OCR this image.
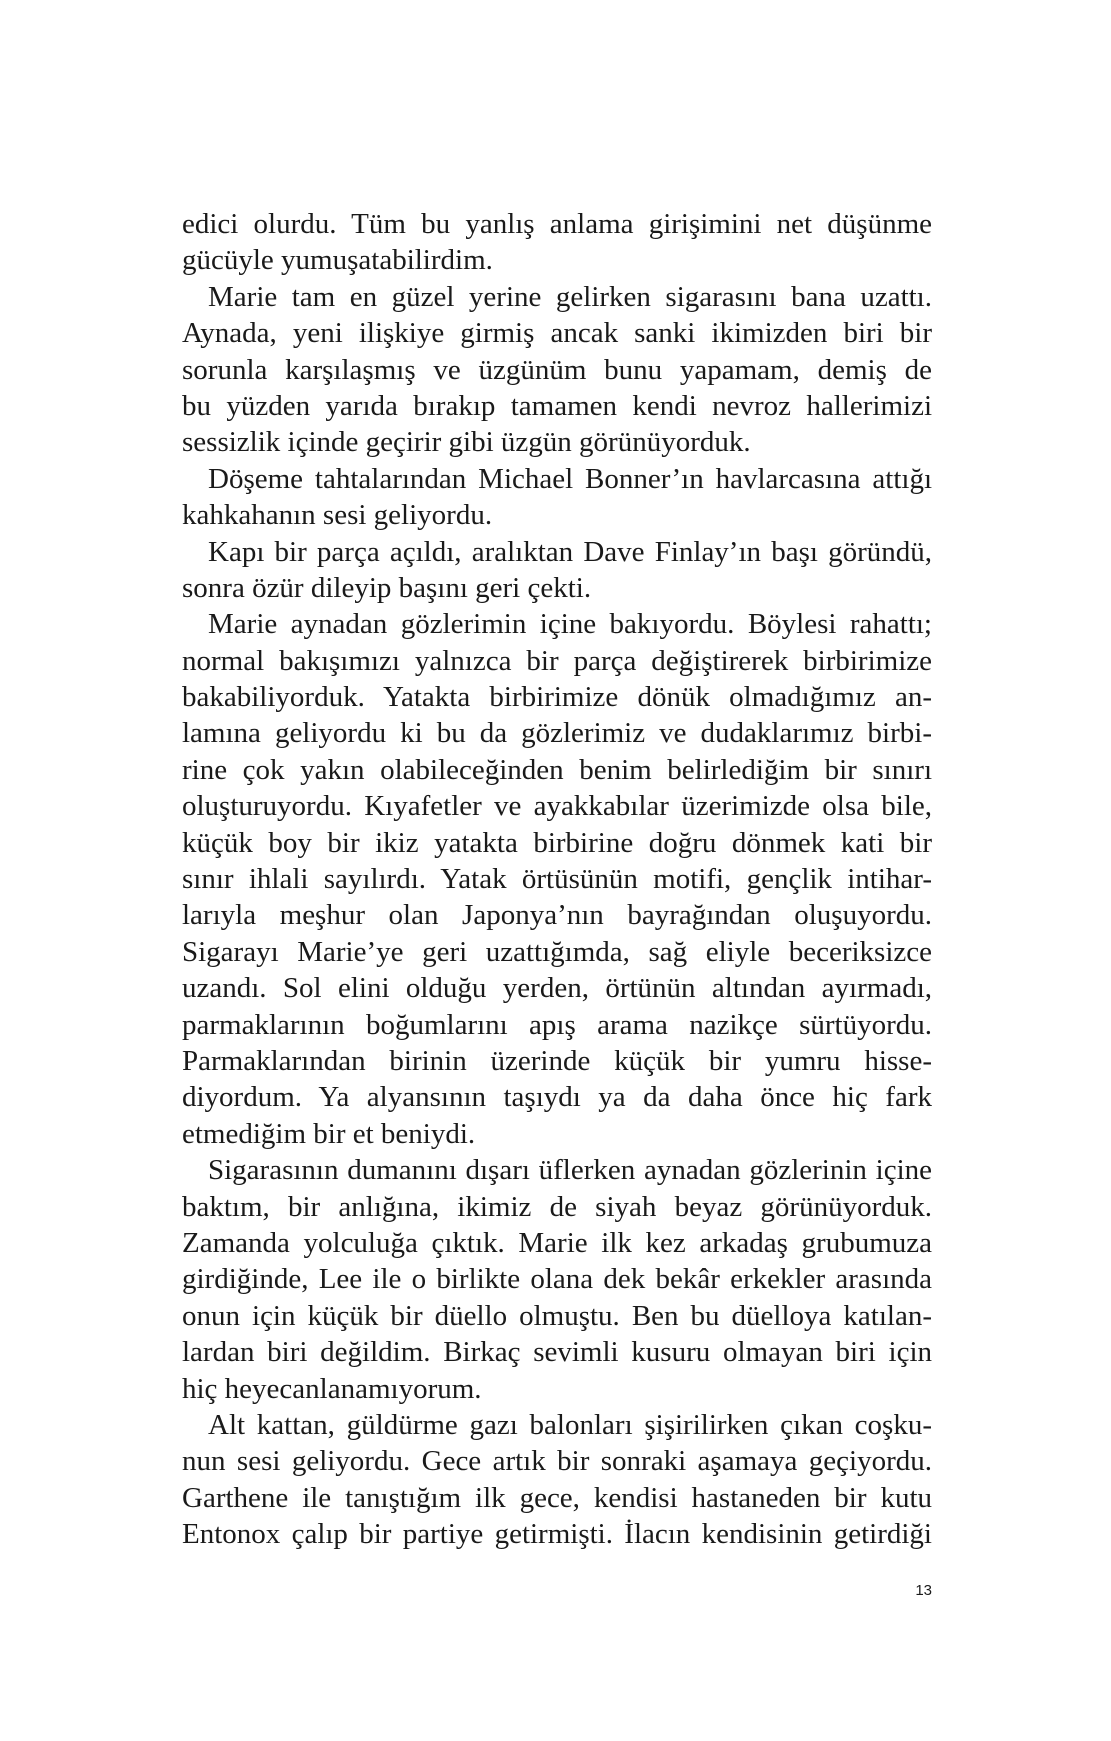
edici olurdu. Tüm bu yanlış anlama girişimini net düşünme
gücüyle yumuşatabilirdim.
Marie tam en güzel yerine gelirken sigarasını bana uzattı.
Aynada, yeni ilişkiye girmiş ancak sanki ikimizden biri bir
sorunla karşılaşmış ve üzgünüm bunu yapamam, demiş de
bu yüzden yarıda bırakıp tamamen kendi nevroz hallerimizi
sessizlik içinde geçirir gibi üzgün görünüyorduk.
Döşeme tahtalarından Michael Bonner’ın havlarcasına attığı
kahkahanın sesi geliyordu.
Kapı bir parça açıldı, aralıktan Dave Finlay’ın başı göründü,
sonra özür dileyip başını geri çekti.
Marie aynadan gözlerimin içine bakıyordu. Böylesi rahattı;
normal bakışımızı yalnızca bir parça değiştirerek birbirimize
bakabiliyorduk. Yatakta birbirimize dönük olmadığımız an-
lamına geliyordu ki bu da gözlerimiz ve dudaklarımız birbi-
rine çok yakın olabileceğinden benim belirlediğim bir sınırı
oluşturuyordu. Kıyafetler ve ayakkabılar üzerimizde olsa bile,
küçük boy bir ikiz yatakta birbirine doğru dönmek kati bir
sınır ihlali sayılırdı. Yatak örtüsünün motifi, gençlik intihar-
larıyla meşhur olan Japonya’nın bayrağından oluşuyordu.
Sigarayı Marie’ye geri uzattığımda, sağ eliyle beceriksizce
uzandı. Sol elini olduğu yerden, örtünün altından ayırmadı,
parmaklarının boğumlarını apış arama nazikçe sürtüyordu.
Parmaklarından birinin üzerinde küçük bir yumru hisse-
diyordum. Ya alyansının taşıydı ya da daha önce hiç fark
etmediğim bir et beniydi.
Sigarasının dumanını dışarı üflerken aynadan gözlerinin içine
baktım, bir anlığına, ikimiz de siyah beyaz görünüyorduk.
Zamanda yolculuğa çıktık. Marie ilk kez arkadaş grubumuza
girdiğinde, Lee ile o birlikte olana dek bekâr erkekler arasında
onun için küçük bir düello olmuştu. Ben bu düelloya katılan-
lardan biri değildim. Birkaç sevimli kusuru olmayan biri için
hiç heyecanlanamıyorum.
Alt kattan, güldürme gazı balonları şişirilirken çıkan coşku-
nun sesi geliyordu. Gece artık bir sonraki aşamaya geçiyordu.
Garthene ile tanıştığım ilk gece, kendisi hastaneden bir kutu
Entonox çalıp bir partiye getirmişti. İlacın kendisinin getirdiği
13
